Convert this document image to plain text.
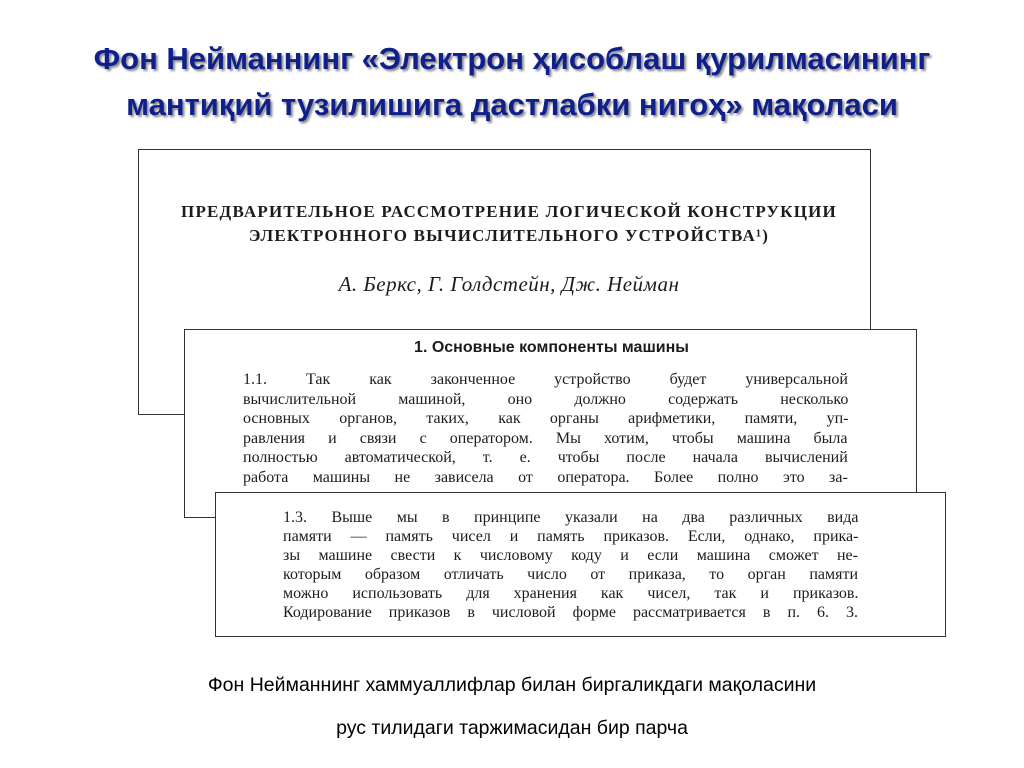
Фон Нейманнинг «Электрон ҳисоблаш қурилмасининг
мантиқий тузилишига дастлабки нигоҳ» мақоласи
ПРЕДВАРИТЕЛЬНОЕ РАССМОТРЕНИЕ ЛОГИЧЕСКОЙ КОНСТРУКЦИИ
ЭЛЕКТРОННОГО ВЫЧИСЛИТЕЛЬНОГО УСТРОЙСТВА¹)
А. Беркс, Г. Голдстейн, Дж. Нейман
1. Основные компоненты машины
1.1. Так как законченное устройство будет универсальной
вычислительной машиной, оно должно содержать несколько
основных органов, таких, как органы арифметики, памяти, уп-
равления и связи с оператором. Мы хотим, чтобы машина была
полностью автоматической, т. е. чтобы после начала вычислений
работа машины не зависела от оператора. Более полно это за-
1.3. Выше мы в принципе указали на два различных вида
памяти — память чисел и память приказов. Если, однако, прика-
зы машине свести к числовому коду и если машина сможет не-
которым образом отличать число от приказа, то орган памяти
можно использовать для хранения как чисел, так и приказов.
Кодирование приказов в числовой форме рассматривается в п. 6. 3.
Фон Нейманнинг хаммуаллифлар билан биргаликдаги мақоласини
рус тилидаги таржимасидан бир парча
